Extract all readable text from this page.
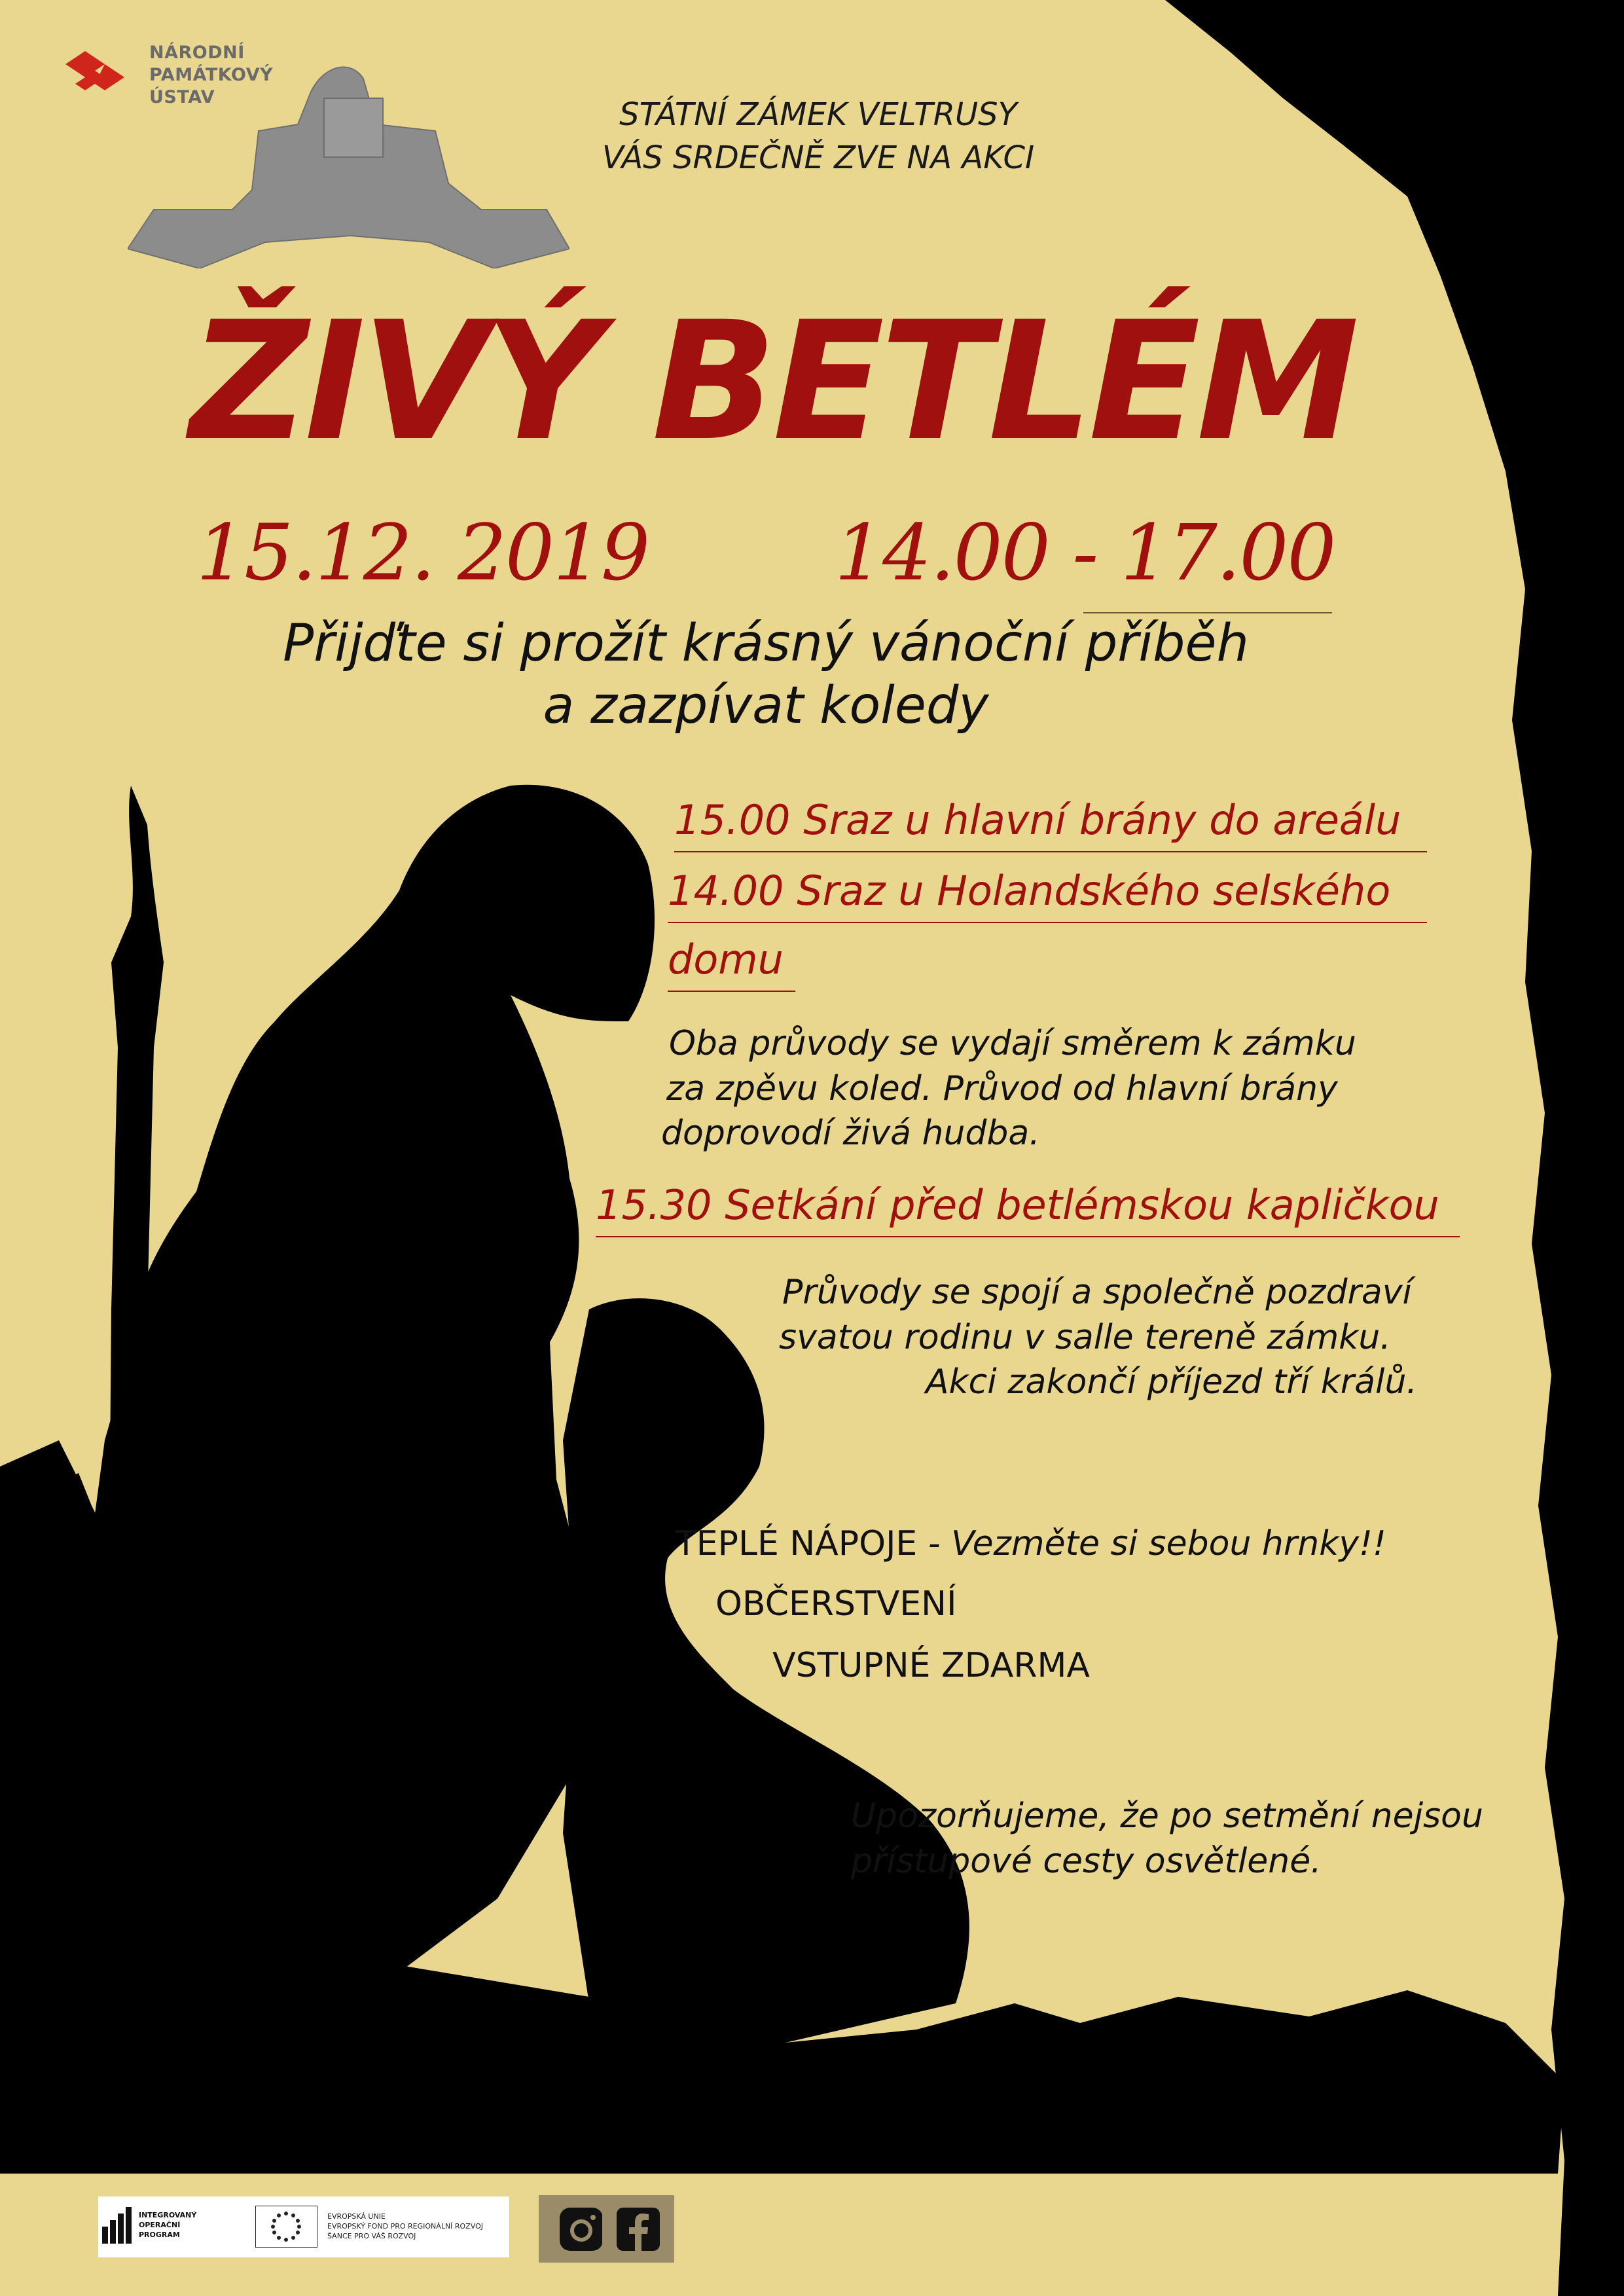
NÁRODNÍ
PAMÁTKOVÝ
ÚSTAV	STÁTNÍ ZÁMEK VELTRUSY
VÁS SRDEČNĚ ZVE NA AKCI
ŽIVÝ BETLÉM
15.12. 2019 14.00 - 17.00
Přijďte si prožít krásný vánoční příběh
a zazpívat koledy
15.00 Sraz u hlavní brány do areálu
14.00 Sraz u Holandského selského
domu
Oba průvody se vydají směrem k zámku
za zpěvu koled. Průvod od hlavní brány
doprovodí živá hudba.
15.30 Setkání před betlémskou kapličkou
Průvody se spojí a společně pozdraví
svatou rodinu v salle tereně zámku.
Akci zakončí příjezd tří králů.
TEPLÉ NÁPOJE - Vezměte si sebou hrnky!!
OBČERSTVENÍ
VSTUPNÉ ZDARMA
Upozorňujeme, že po setmění nejsou
přístupové cesty osvětlené.
INTEGROVANÝ
OPERAČNÍ
PROGRAM
EVROPSKÁ UNIE
EVROPSKÝ FOND PRO REGIONÁLNÍ ROZVOJ
ŠANCE PRO VÁŠ ROZVOJ
